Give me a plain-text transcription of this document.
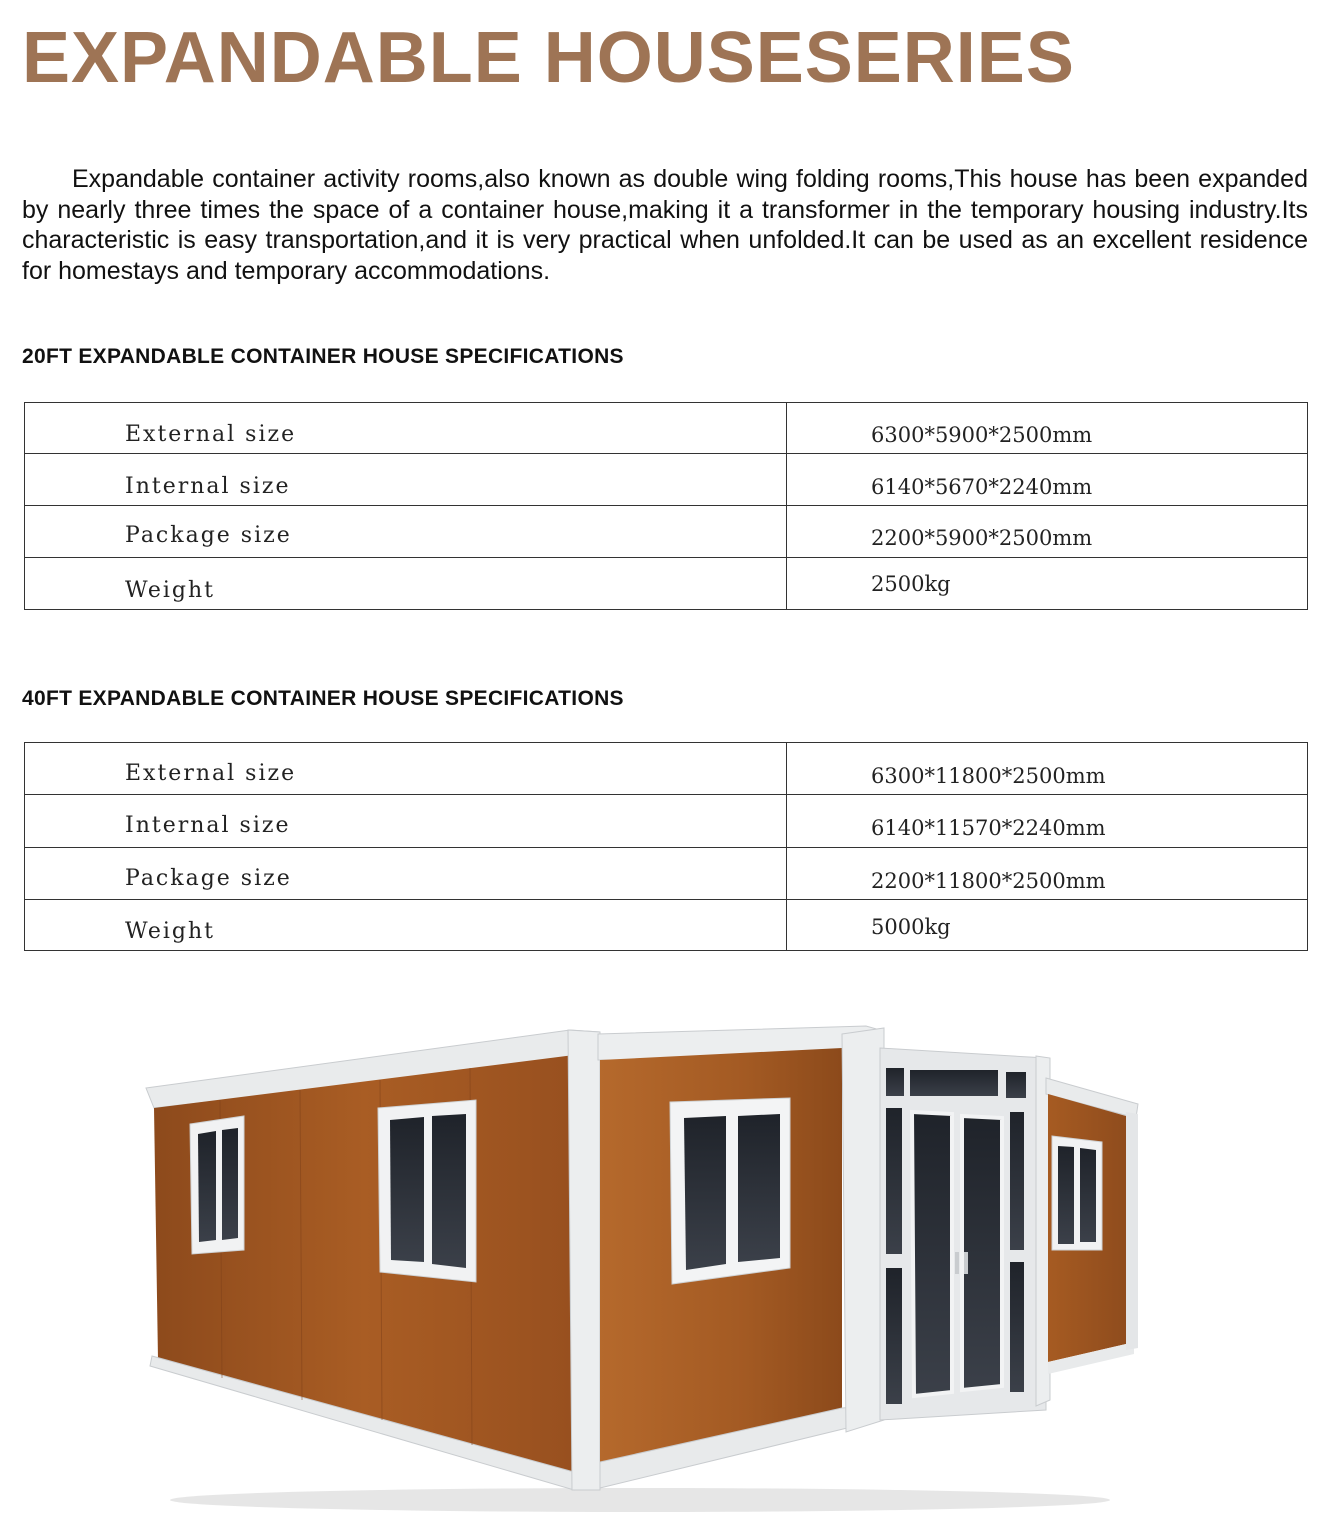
EXPANDABLE HOUSESERIES

Expandable container activity rooms,also known as double wing folding rooms,This house has been expanded by nearly three times the space of a container house,making it a transformer in the temporary housing industry.Its characteristic is easy transportation,and it is very practical when unfolded.It can be used as an excellent residence for homestays and temporary accommodations.

20FT EXPANDABLE CONTAINER HOUSE SPECIFICATIONS
External size	6300*5900*2500mm
Internal size	6140*5670*2240mm
Package size	2200*5900*2500mm
Weight	2500kg
40FT EXPANDABLE CONTAINER HOUSE SPECIFICATIONS
External size	6300*11800*2500mm
Internal size	6140*11570*2240mm
Package size	2200*11800*2500mm
Weight	5000kg
